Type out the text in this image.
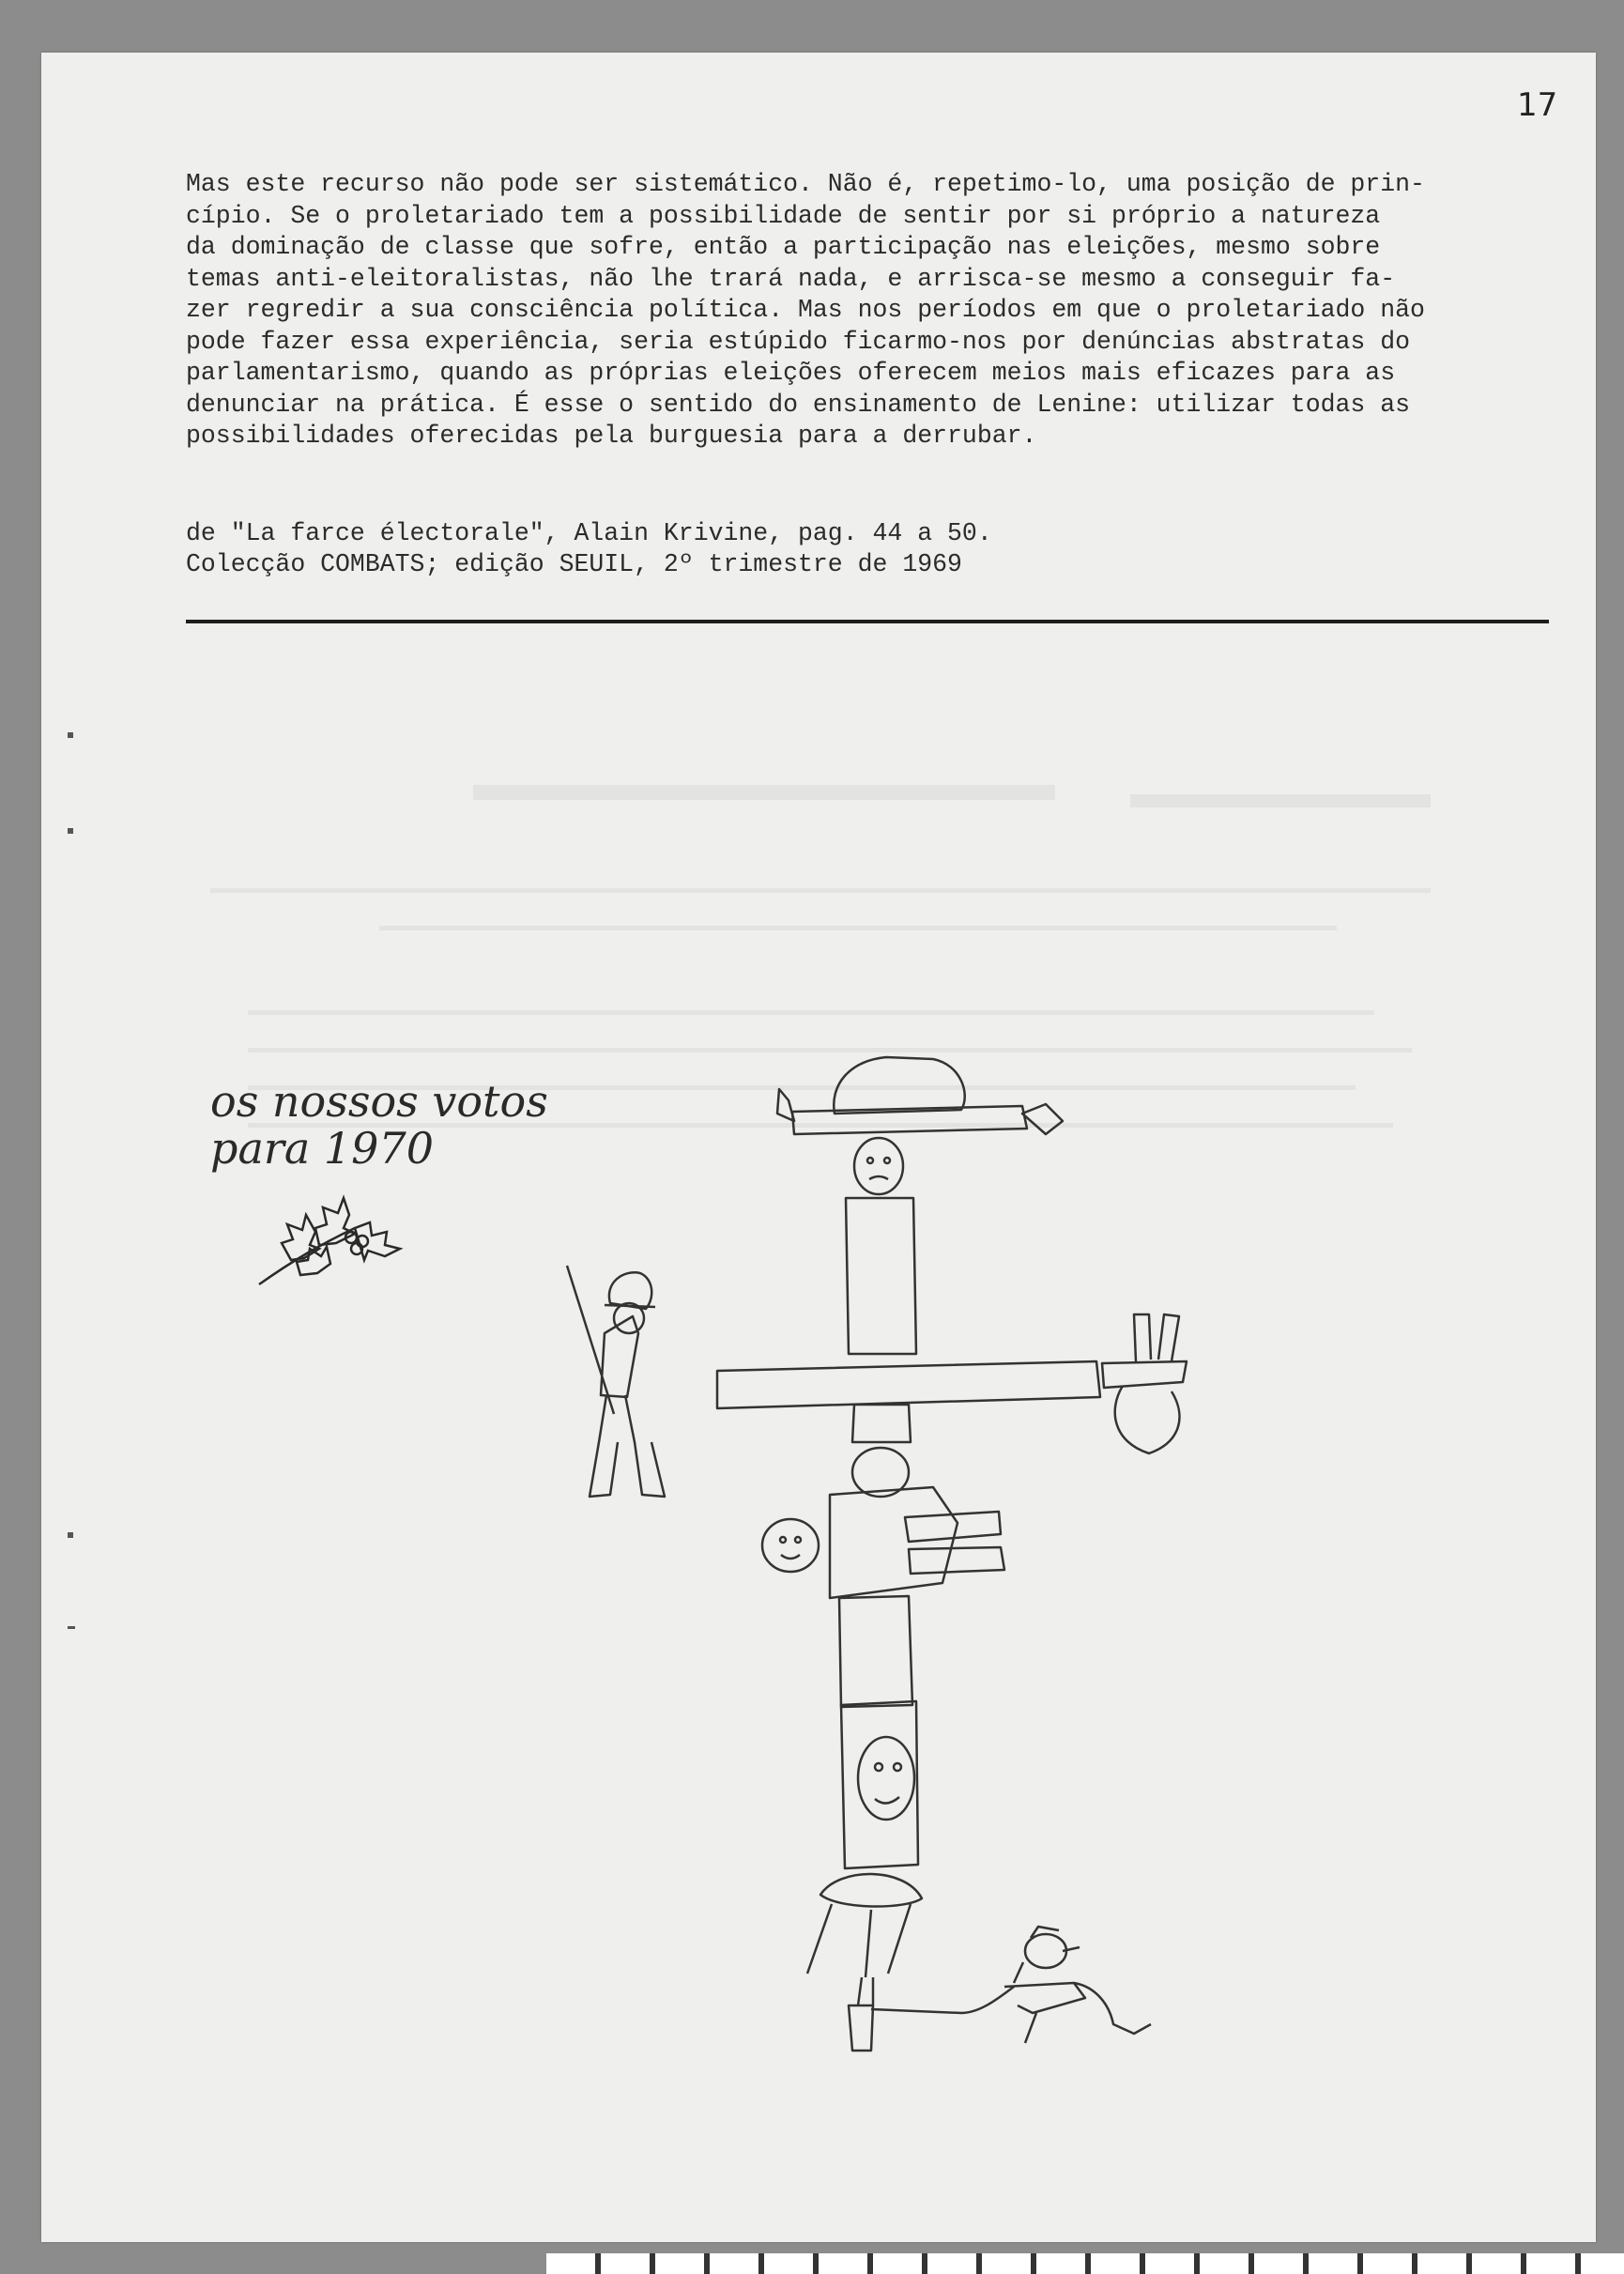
17
Mas este recurso não pode ser sistemático. Não é, repetimo-lo, uma posição de prin-
cípio. Se o proletariado tem a possibilidade de sentir por si próprio a natureza
da dominação de classe que sofre, então a participação nas eleições, mesmo sobre
temas anti-eleitoralistas, não lhe trará nada, e arrisca-se mesmo a conseguir fa-
zer regredir a sua consciência política. Mas nos períodos em que o proletariado não
pode fazer essa experiência, seria estúpido ficarmo-nos por denúncias abstratas do
parlamentarismo, quando as próprias eleições oferecem meios mais eficazes para as
denunciar na prática. É esse o sentido do ensinamento de Lenine: utilizar todas as
possibilidades oferecidas pela burguesia para a derrubar.
de "La farce électorale", Alain Krivine, pag. 44 a 50.
Colecção COMBATS; edição SEUIL, 2º trimestre de 1969
os nossos votos
para 1970
